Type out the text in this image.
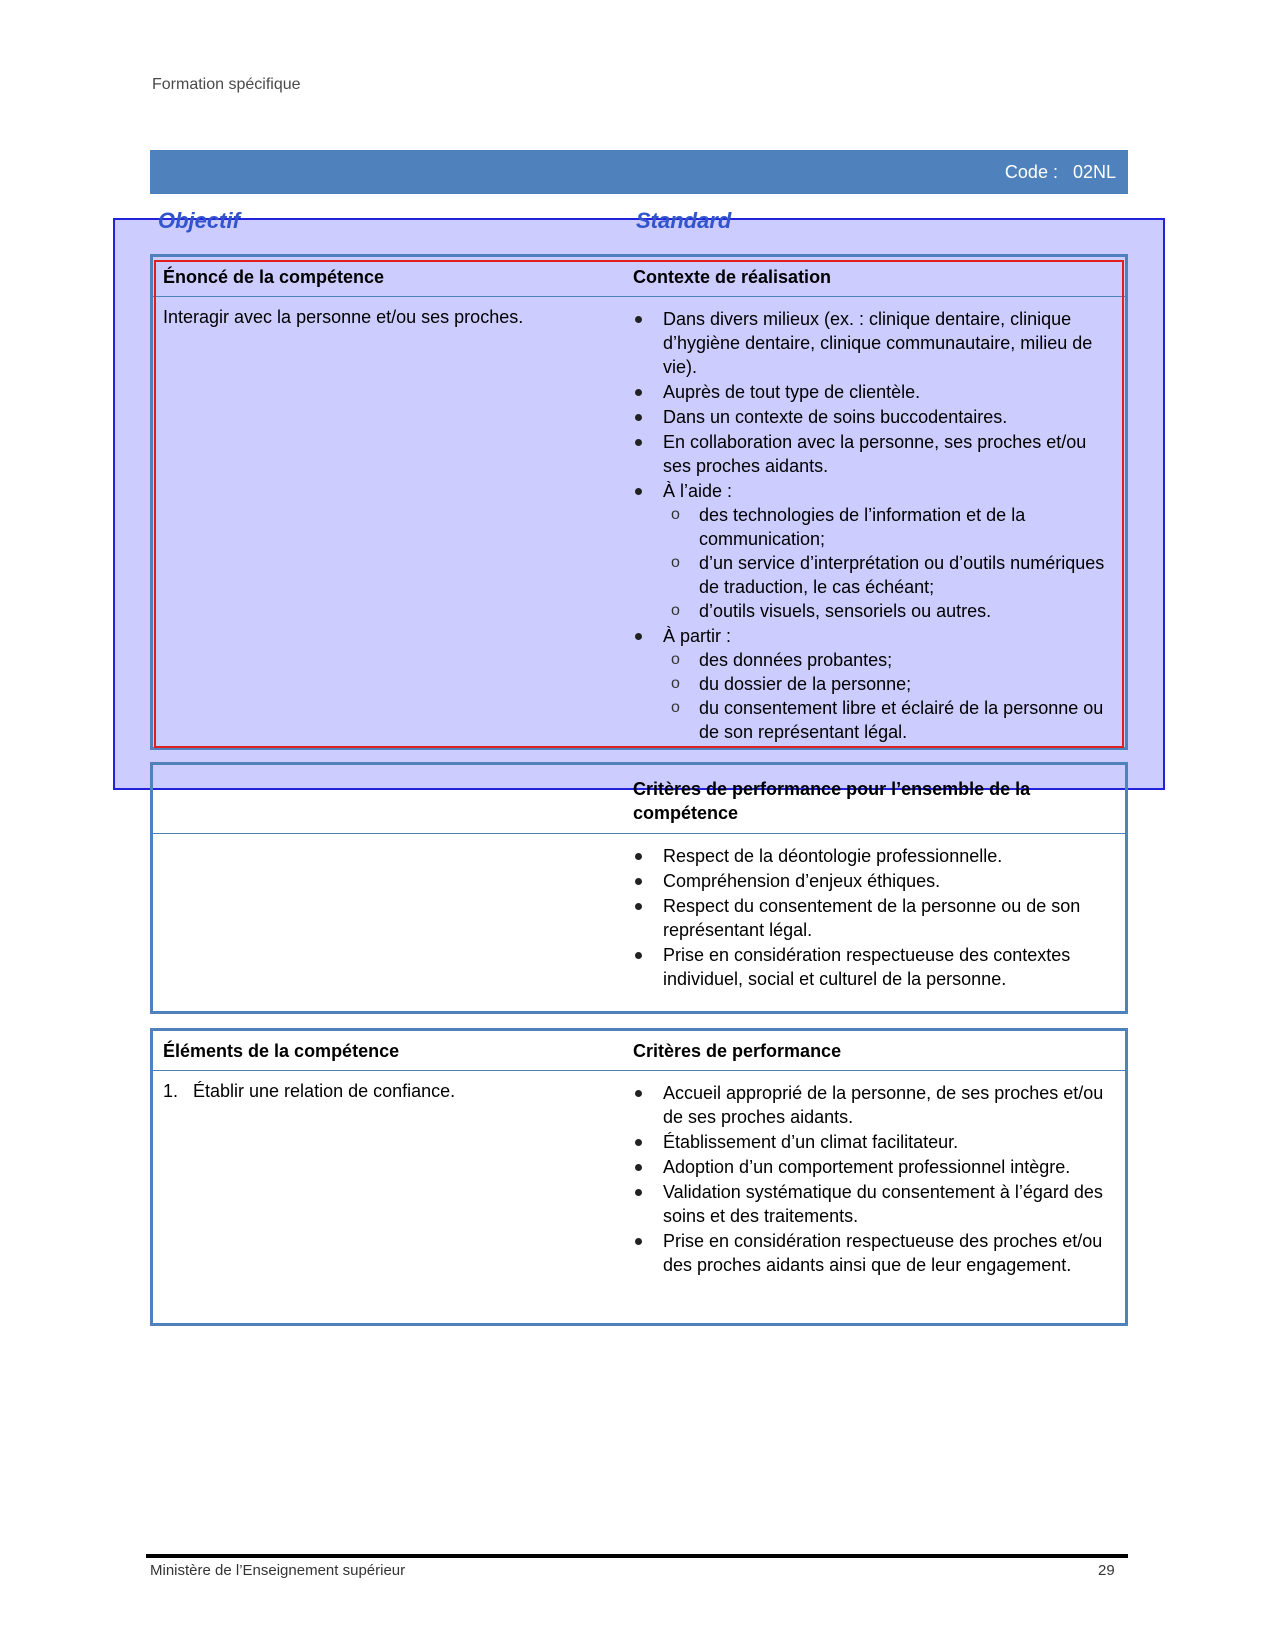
Formation spécifique
Code :   02NL
Objectif	Standard
Énoncé de la compétence	Contexte de réalisation
Interagir avec la personne et/ou ses proches.	Dans divers milieux (ex. : clinique dentaire, clinique d’hygiène dentaire, clinique communautaire, milieu de vie).
Auprès de tout type de clientèle.
Dans un contexte de soins buccodentaires.
En collaboration avec la personne, ses proches et/ou ses proches aidants.
À l’aide :
o des technologies de l’information et de la communication;
o d’un service d’interprétation ou d’outils numériques de traduction, le cas échéant;
o d’outils visuels, sensoriels ou autres.
À partir :
o des données probantes;
o du dossier de la personne;
o du consentement libre et éclairé de la personne ou de son représentant légal.
Critères de performance pour l’ensemble de la compétence
Respect de la déontologie professionnelle.
Compréhension d’enjeux éthiques.
Respect du consentement de la personne ou de son représentant légal.
Prise en considération respectueuse des contextes individuel, social et culturel de la personne.
Éléments de la compétence	Critères de performance
1. Établir une relation de confiance.	Accueil approprié de la personne, de ses proches et/ou de ses proches aidants.
Établissement d’un climat facilitateur.
Adoption d’un comportement professionnel intègre.
Validation systématique du consentement à l’égard des soins et des traitements.
Prise en considération respectueuse des proches et/ou des proches aidants ainsi que de leur engagement.
Ministère de l’Enseignement supérieur	29
